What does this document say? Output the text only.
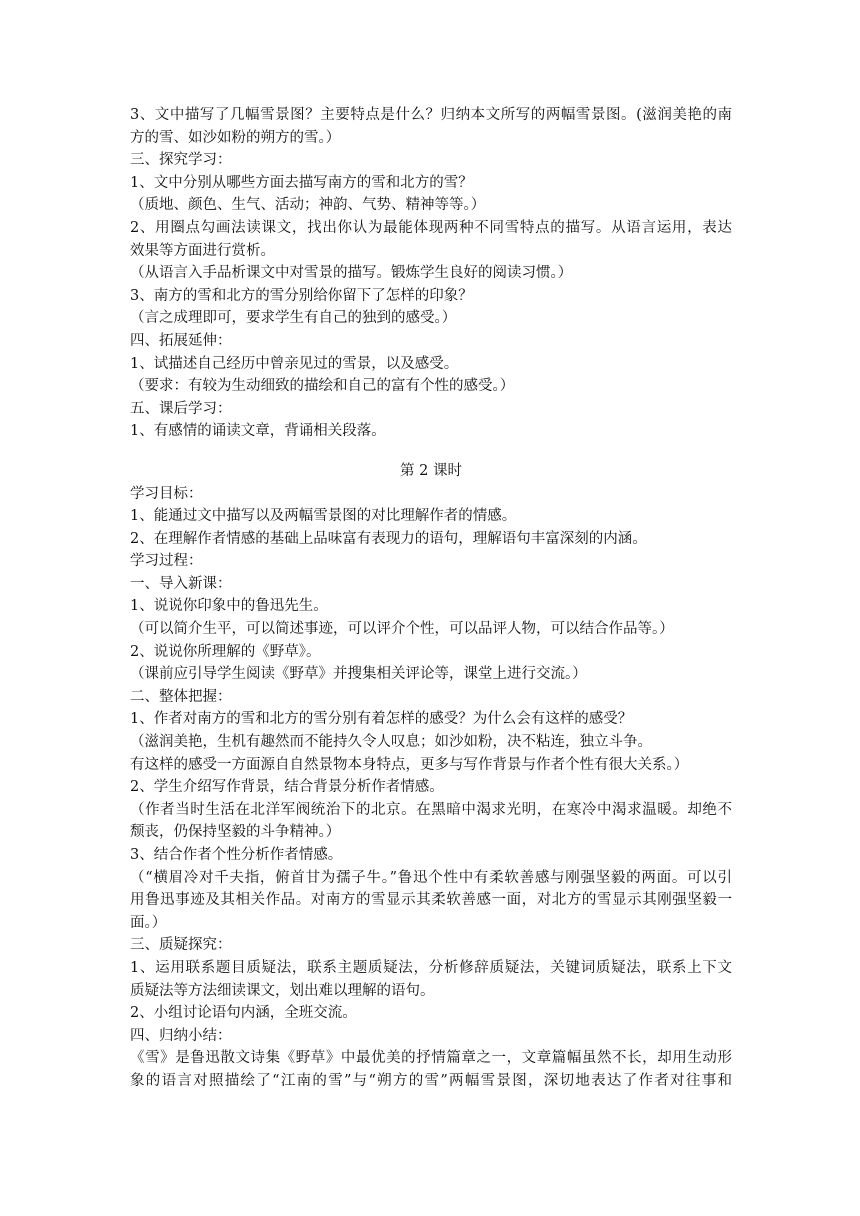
3、文中描写了几幅雪景图？主要特点是什么？归纳本文所写的两幅雪景图。(滋润美艳的南
方的雪、如沙如粉的朔方的雪。）
三、探究学习：
1、文中分别从哪些方面去描写南方的雪和北方的雪？
（质地、颜色、生气、活动；神韵、气势、精神等等。）
2、用圈点勾画法读课文，找出你认为最能体现两种不同雪特点的描写。从语言运用，表达
效果等方面进行赏析。
（从语言入手品析课文中对雪景的描写。锻炼学生良好的阅读习惯。）
3、南方的雪和北方的雪分别给你留下了怎样的印象？
（言之成理即可，要求学生有自己的独到的感受。）
四、拓展延伸：
1、试描述自己经历中曾亲见过的雪景，以及感受。
（要求：有较为生动细致的描绘和自己的富有个性的感受。）
五、课后学习：
1、有感情的诵读文章，背诵相关段落。
第 2 课时
学习目标：
1、能通过文中描写以及两幅雪景图的对比理解作者的情感。
2、在理解作者情感的基础上品味富有表现力的语句，理解语句丰富深刻的内涵。
学习过程：
一、导入新课：
1、说说你印象中的鲁迅先生。
（可以简介生平，可以简述事迹，可以评介个性，可以品评人物，可以结合作品等。）
2、说说你所理解的《野草》。
（课前应引导学生阅读《野草》并搜集相关评论等，课堂上进行交流。）
二、整体把握：
1、作者对南方的雪和北方的雪分别有着怎样的感受？为什么会有这样的感受？
（滋润美艳，生机有趣然而不能持久令人叹息；如沙如粉，决不粘连，独立斗争。
有这样的感受一方面源自自然景物本身特点，更多与写作背景与作者个性有很大关系。）
2、学生介绍写作背景，结合背景分析作者情感。
（作者当时生活在北洋军阀统治下的北京。在黑暗中渴求光明，在寒冷中渴求温暖。却绝不
颓丧，仍保持坚毅的斗争精神。）
3、结合作者个性分析作者情感。
（“横眉冷对千夫指，俯首甘为孺子牛。”鲁迅个性中有柔软善感与刚强坚毅的两面。可以引
用鲁迅事迹及其相关作品。对南方的雪显示其柔软善感一面，对北方的雪显示其刚强坚毅一
面。）
三、质疑探究：
1、运用联系题目质疑法，联系主题质疑法，分析修辞质疑法，关键词质疑法，联系上下文
质疑法等方法细读课文，划出难以理解的语句。
2、小组讨论语句内涵，全班交流。
四、归纳小结：
《雪》是鲁迅散文诗集《野草》中最优美的抒情篇章之一，文章篇幅虽然不长，却用生动形
象的语言对照描绘了“江南的雪”与“朔方的雪”两幅雪景图，深切地表达了作者对往事和
